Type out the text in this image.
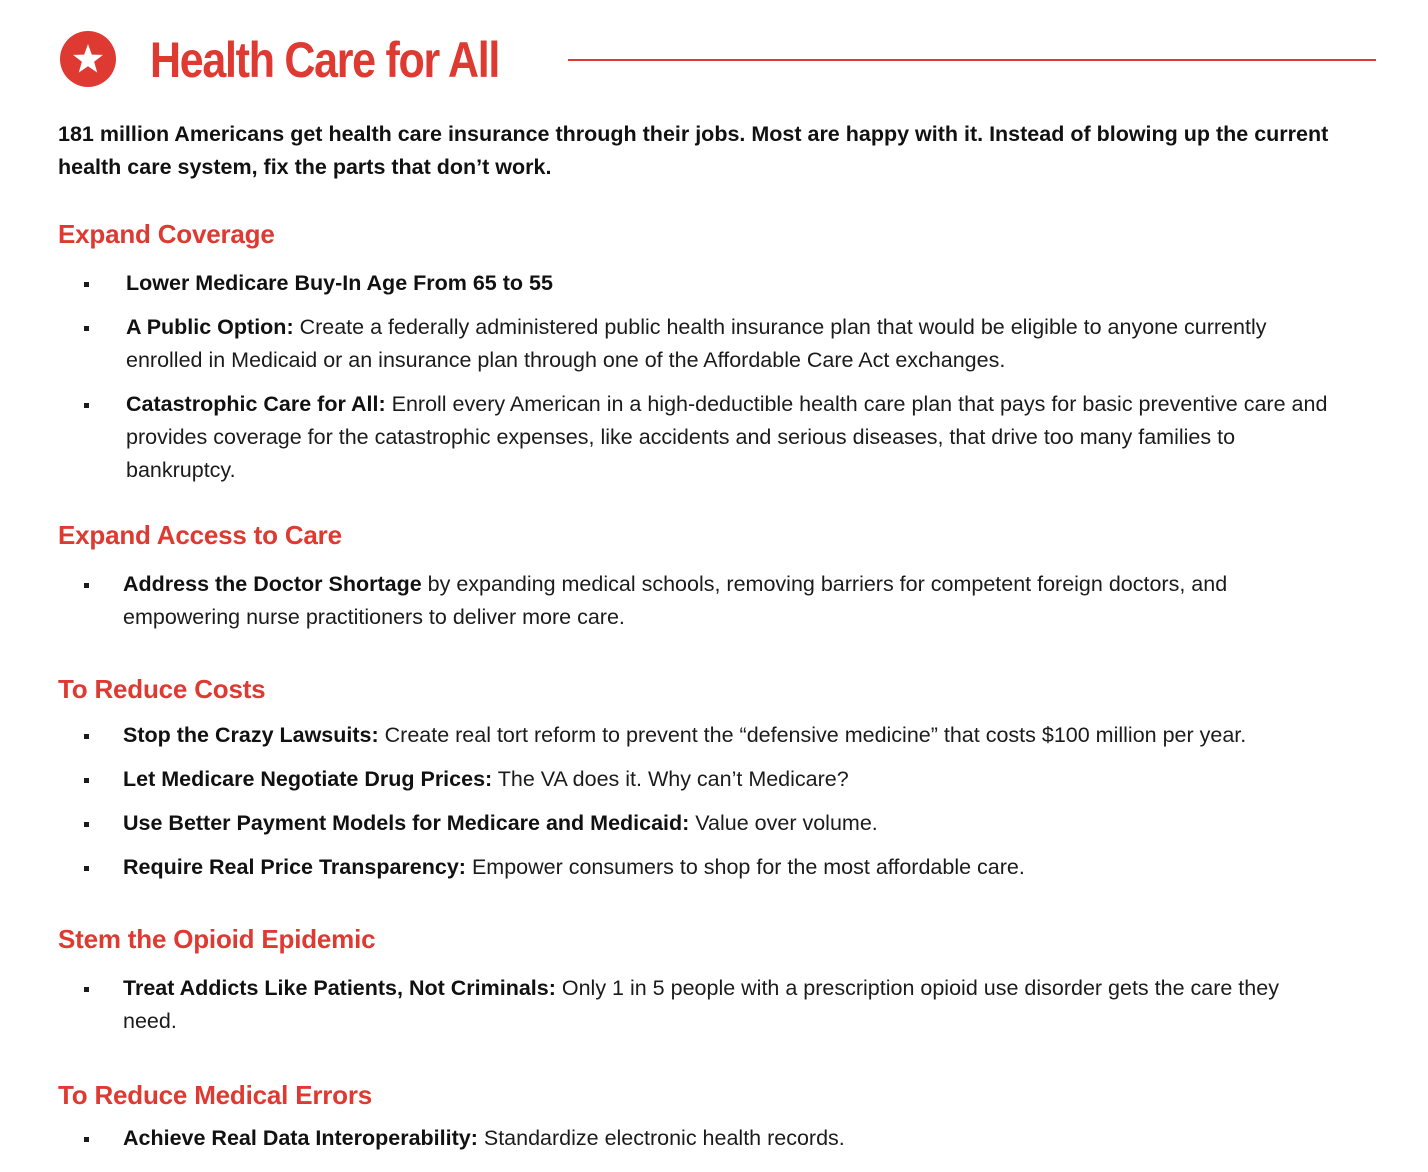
Health Care for All
181 million Americans get health care insurance through their jobs. Most are happy with it. Instead of blowing up the current health care system, fix the parts that don’t work.
Expand Coverage
Lower Medicare Buy-In Age From 65 to 55
A Public Option: Create a federally administered public health insurance plan that would be eligible to anyone currently enrolled in Medicaid or an insurance plan through one of the Affordable Care Act exchanges.
Catastrophic Care for All: Enroll every American in a high-deductible health care plan that pays for basic preventive care and provides coverage for the catastrophic expenses, like accidents and serious diseases, that drive too many families to bankruptcy.
Expand Access to Care
Address the Doctor Shortage by expanding medical schools, removing barriers for competent foreign doctors, and empowering nurse practitioners to deliver more care.
To Reduce Costs
Stop the Crazy Lawsuits: Create real tort reform to prevent the “defensive medicine” that costs $100 million per year.
Let Medicare Negotiate Drug Prices: The VA does it. Why can’t Medicare?
Use Better Payment Models for Medicare and Medicaid: Value over volume.
Require Real Price Transparency: Empower consumers to shop for the most affordable care.
Stem the Opioid Epidemic
Treat Addicts Like Patients, Not Criminals: Only 1 in 5 people with a prescription opioid use disorder gets the care they need.
To Reduce Medical Errors
Achieve Real Data Interoperability: Standardize electronic health records.
